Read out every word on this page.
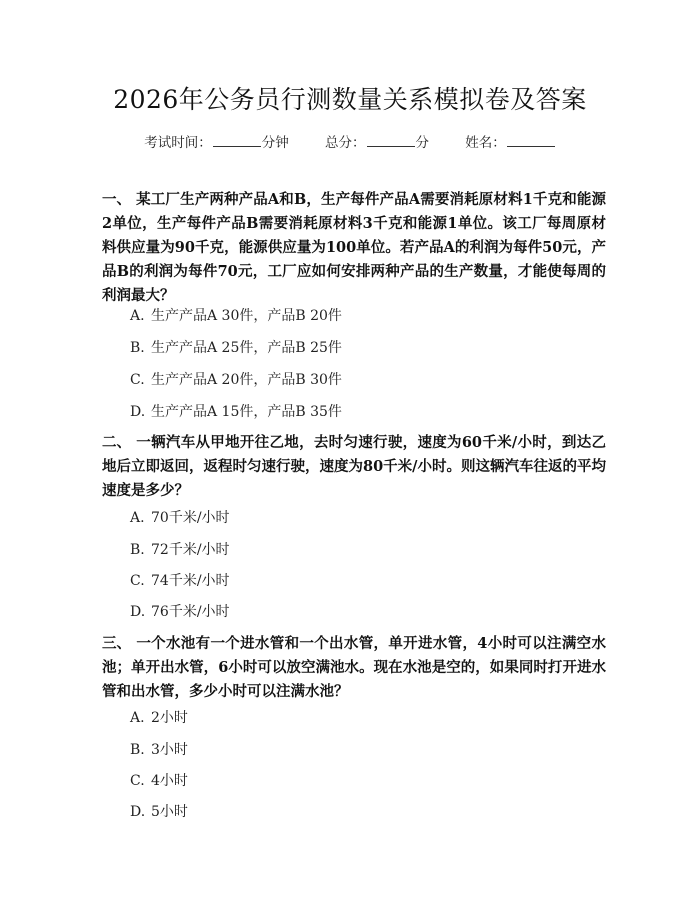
2026年公务员行测数量关系模拟卷及答案
考试时间：	分钟	总分：	分	姓名：
一、 某工厂生产两种产品A和B，生产每件产品A需要消耗原材料1千克和能源2单位，生产每件产品B需要消耗原材料3千克和能源1单位。该工厂每周原材料供应量为90千克，能源供应量为100单位。若产品A的利润为每件50元，产品B的利润为每件70元，工厂应如何安排两种产品的生产数量，才能使每周的利润最大？
A. 生产产品A 30件，产品B 20件
B. 生产产品A 25件，产品B 25件
C. 生产产品A 20件，产品B 30件
D. 生产产品A 15件，产品B 35件
二、 一辆汽车从甲地开往乙地，去时匀速行驶，速度为60千米/小时，到达乙地后立即返回，返程时匀速行驶，速度为80千米/小时。则这辆汽车往返的平均速度是多少？
A. 70千米/小时
B. 72千米/小时
C. 74千米/小时
D. 76千米/小时
三、 一个水池有一个进水管和一个出水管，单开进水管，4小时可以注满空水池；单开出水管，6小时可以放空满池水。现在水池是空的，如果同时打开进水管和出水管，多少小时可以注满水池？
A. 2小时
B. 3小时
C. 4小时
D. 5小时
